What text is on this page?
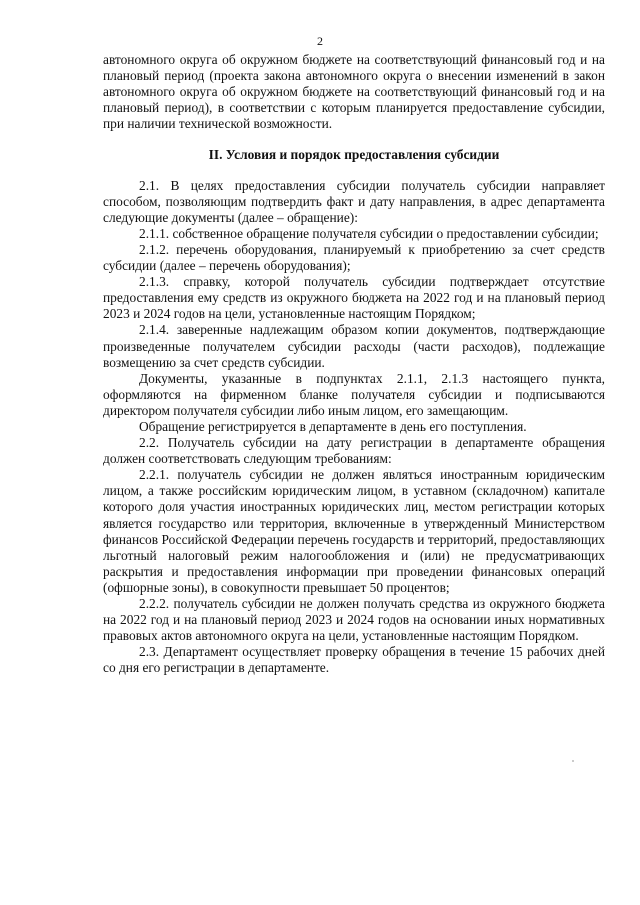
2

автономного округа об окружном бюджете на соответствующий финансовый год и на плановый период (проекта закона автономного округа о внесении изменений в закон автономного округа об окружном бюджете на соответствующий финансовый год и на плановый период), в соответствии с которым планируется предоставление субсидии, при наличии технической возможности.

II. Условия и порядок предоставления субсидии

2.1. В целях предоставления субсидии получатель субсидии направляет способом, позволяющим подтвердить факт и дату направления, в адрес департамента следующие документы (далее – обращение):

2.1.1. собственное обращение получателя субсидии о предоставлении субсидии;

2.1.2. перечень оборудования, планируемый к приобретению за счет средств субсидии (далее – перечень оборудования);

2.1.3. справку, которой получатель субсидии подтверждает отсутствие предоставления ему средств из окружного бюджета на 2022 год и на плановый период 2023 и 2024 годов на цели, установленные настоящим Порядком;

2.1.4. заверенные надлежащим образом копии документов, подтверждающие произведенные получателем субсидии расходы (части расходов), подлежащие возмещению за счет средств субсидии.

Документы, указанные в подпунктах 2.1.1, 2.1.3 настоящего пункта, оформляются на фирменном бланке получателя субсидии и подписываются директором получателя субсидии либо иным лицом, его замещающим.

Обращение регистрируется в департаменте в день его поступления.

2.2. Получатель субсидии на дату регистрации в департаменте обращения должен соответствовать следующим требованиям:

2.2.1. получатель субсидии не должен являться иностранным юридическим лицом, а также российским юридическим лицом, в уставном (складочном) капитале которого доля участия иностранных юридических лиц, местом регистрации которых является государство или территория, включенные в утвержденный Министерством финансов Российской Федерации перечень государств и территорий, предоставляющих льготный налоговый режим налогообложения и (или) не предусматривающих раскрытия и предоставления информации при проведении финансовых операций (офшорные зоны), в совокупности превышает 50 процентов;

2.2.2. получатель субсидии не должен получать средства из окружного бюджета на 2022 год и на плановый период 2023 и 2024 годов на основании иных нормативных правовых актов автономного округа на цели, установленные настоящим Порядком.

2.3. Департамент осуществляет проверку обращения в течение 15 рабочих дней со дня его регистрации в департаменте.
